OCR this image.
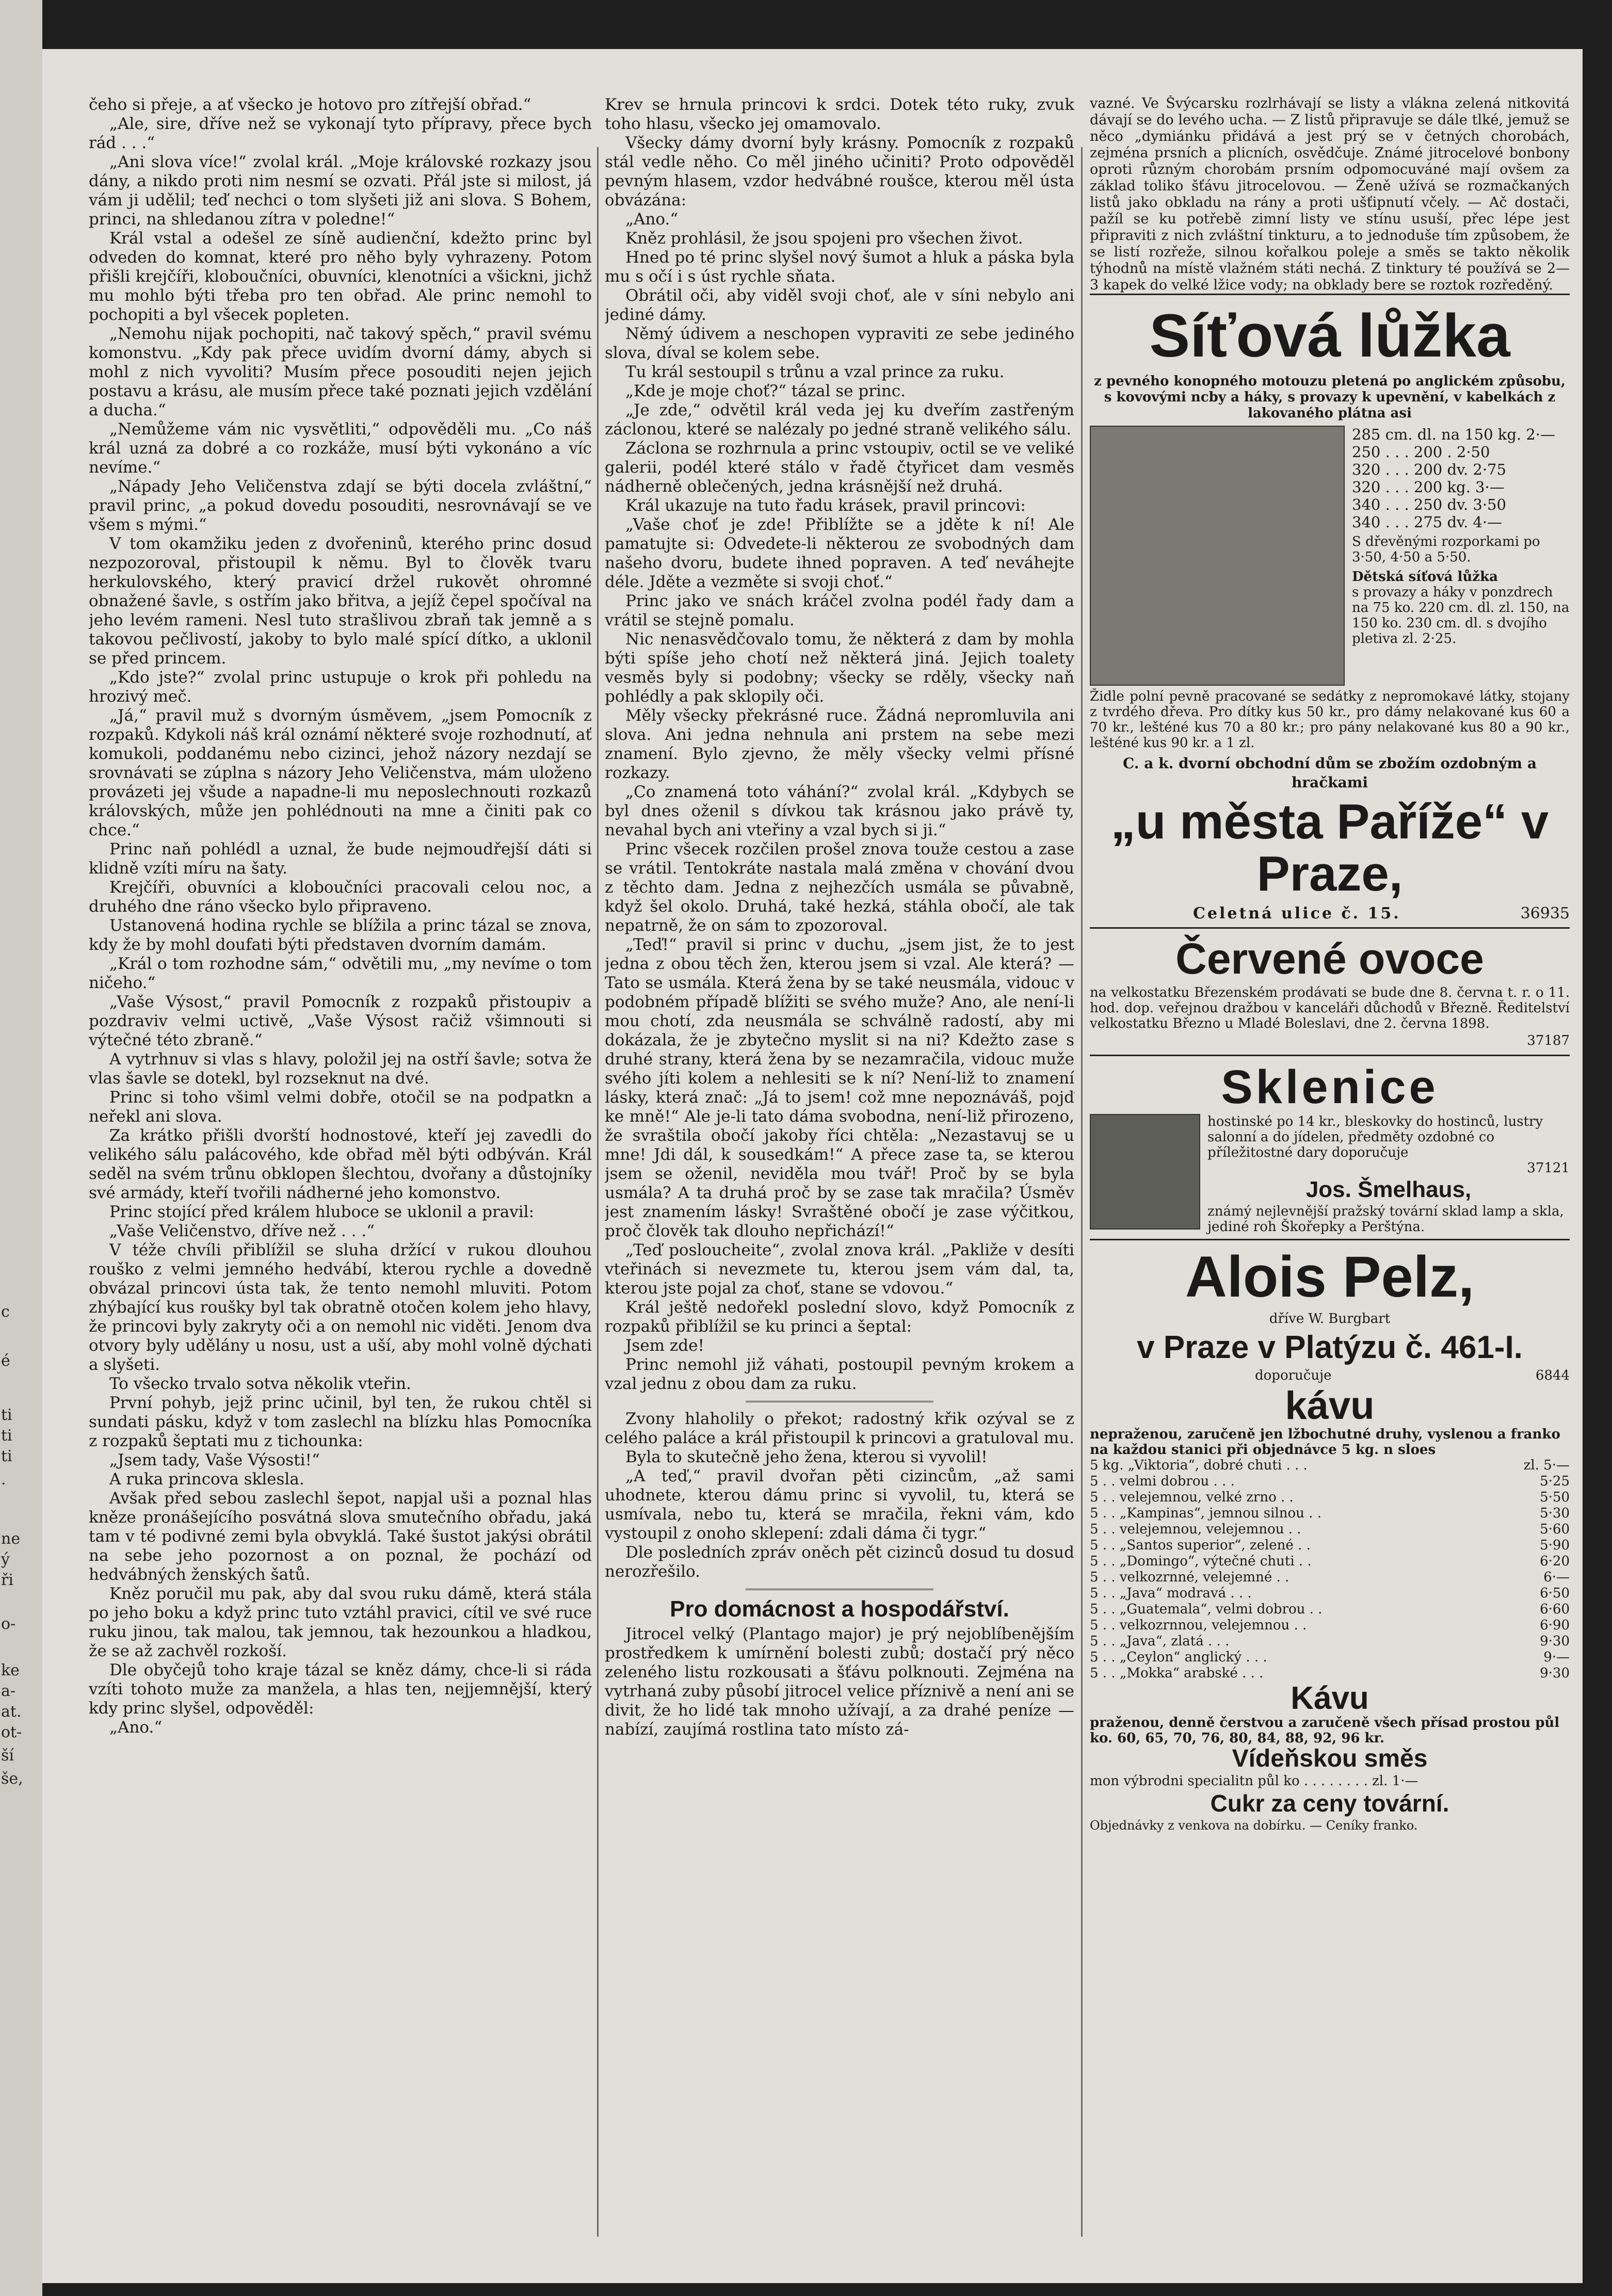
c
é
ti
ti
ti
.
ne
ý
ři
o-
ke
a-
at.
ot-
ší
še,

čeho si přeje, a ať všecko je hotovo pro zítřejší obřad.“

„Ale, sire, dříve než se vykonají tyto přípravy, přece bych rád . . .“

„Ani slova více!“ zvolal král. „Moje královské rozkazy jsou dány, a nikdo proti nim nesmí se ozvati. Přál jste si milost, já vám ji udělil; teď nechci o tom slyšeti již ani slova. S Bohem, princi, na shledanou zítra v poledne!“

Král vstal a odešel ze síně audienční, kdežto princ byl odveden do komnat, které pro něho byly vyhrazeny. Potom přišli krejčíři, kloboučníci, obuvníci, klenotníci a všickni, jichž mu mohlo býti třeba pro ten obřad. Ale princ nemohl to pochopiti a byl všecek popleten.

„Nemohu nijak pochopiti, nač takový spěch,“ pravil svému komonstvu. „Kdy pak přece uvidím dvorní dámy, abych si mohl z nich vyvoliti? Musím přece posouditi nejen jejich postavu a krásu, ale musím přece také poznati jejich vzdělání a ducha.“

„Nemůžeme vám nic vysvětliti,“ odpověděli mu. „Co náš král uzná za dobré a co rozkáže, musí býti vykonáno a víc nevíme.“

„Nápady Jeho Veličenstva zdají se býti docela zvláštní,“ pravil princ, „a pokud dovedu posouditi, nesrovnávají se ve všem s mými.“

V tom okamžiku jeden z dvořeninů, kterého princ dosud nezpozoroval, přistoupil k němu. Byl to člověk tvaru herkulovského, který pravicí držel rukovět ohromné obnažené šavle, s ostřím jako břitva, a jejíž čepel spočíval na jeho levém rameni. Nesl tuto strašlivou zbraň tak jemně a s takovou pečlivostí, jakoby to bylo malé spící dítko, a uklonil se před princem.

„Kdo jste?“ zvolal princ ustupuje o krok při pohledu na hrozivý meč.

„Já,“ pravil muž s dvorným úsměvem, „jsem Pomocník z rozpaků. Kdykoli náš král oznámí některé svoje rozhodnutí, ať komukoli, poddanému nebo cizinci, jehož názory nezdají se srovnávati se zúplna s názory Jeho Veličenstva, mám uloženo provázeti jej všude a napadne-li mu neposlechnouti rozkazů královských, může jen pohlédnouti na mne a činiti pak co chce.“

Princ naň pohlédl a uznal, že bude nejmoudřejší dáti si klidně vzíti míru na šaty.

Krejčíři, obuvníci a kloboučníci pracovali celou noc, a druhého dne ráno všecko bylo připraveno.

Ustanovená hodina rychle se blížila a princ tázal se znova, kdy že by mohl doufati býti představen dvorním damám.

„Král o tom rozhodne sám,“ odvětili mu, „my nevíme o tom ničeho.“

„Vaše Výsost,“ pravil Pomocník z rozpaků přistoupiv a pozdraviv velmi uctivě, „Vaše Výsost račiž všimnouti si výtečné této zbraně.“

A vytrhnuv si vlas s hlavy, položil jej na ostří šavle; sotva že vlas šavle se dotekl, byl rozseknut na dvé.

Princ si toho všiml velmi dobře, otočil se na podpatkn a neřekl ani slova.

Za krátko přišli dvorští hodnostové, kteří jej zavedli do velikého sálu palácového, kde obřad měl býti odbýván. Král seděl na svém trůnu obklopen šlechtou, dvořany a důstojníky své armády, kteří tvořili nádherné jeho komonstvo.

Princ stojící před králem hluboce se uklonil a pravil:

„Vaše Veličenstvo, dříve než . . .“

V téže chvíli přiblížil se sluha držící v rukou dlouhou rouško z velmi jemného hedvábí, kterou rychle a dovedně obvázal princovi ústa tak, že tento nemohl mluviti. Potom zhýbající kus roušky byl tak obratně otočen kolem jeho hlavy, že princovi byly zakryty oči a on nemohl nic viděti. Jenom dva otvory byly udělány u nosu, ust a uší, aby mohl volně dýchati a slyšeti.

To všecko trvalo sotva několik vteřin.

První pohyb, jejž princ učinil, byl ten, že rukou chtěl si sundati pásku, když v tom zaslechl na blízku hlas Pomocníka z rozpaků šeptati mu z tichounka:

„Jsem tady, Vaše Výsosti!“

A ruka princova sklesla.

Avšak před sebou zaslechl šepot, napjal uši a poznal hlas kněze pronášejícího posvátná slova smutečního obřadu, jaká tam v té podivné zemi byla obvyklá. Také šustot jakýsi obrátil na sebe jeho pozornost a on poznal, že pochází od hedvábných ženských šatů.

Kněz poručil mu pak, aby dal svou ruku dámě, která stála po jeho boku a když princ tuto vztáhl pravici, cítil ve své ruce ruku jinou, tak malou, tak jemnou, tak hezounkou a hladkou, že se až zachvěl rozkoší.

Dle obyčejů toho kraje tázal se kněz dámy, chce-li si ráda vzíti tohoto muže za manžela, a hlas ten, nejjemnější, který kdy princ slyšel, odpověděl:

„Ano.“

Krev se hrnula princovi k srdci. Dotek této ruky, zvuk toho hlasu, všecko jej omamovalo.

Všecky dámy dvorní byly krásny. Pomocník z rozpaků stál vedle něho. Co měl jiného učiniti? Proto odpověděl pevným hlasem, vzdor hedvábné roušce, kterou měl ústa obvázána:

„Ano.“

Kněz prohlásil, že jsou spojeni pro všechen život.

Hned po té princ slyšel nový šumot a hluk a páska byla mu s očí i s úst rychle sňata.

Obrátil oči, aby viděl svoji choť, ale v síni nebylo ani jediné dámy.

Němý údivem a neschopen vypraviti ze sebe jediného slova, díval se kolem sebe.

Tu král sestoupil s trůnu a vzal prince za ruku.

„Kde je moje choť?“ tázal se princ.

„Je zde,“ odvětil král veda jej ku dveřím zastřeným záclonou, které se nalézaly po jedné straně velikého sálu.

Záclona se rozhrnula a princ vstoupiv, octil se ve veliké galerii, podél které stálo v řadě čtyřicet dam vesměs nádherně oblečených, jedna krásnější než druhá.

Král ukazuje na tuto řadu krásek, pravil princovi:

„Vaše choť je zde! Přiblížte se a jděte k ní! Ale pamatujte si: Odvedete-li některou ze svobodných dam našeho dvoru, budete ihned popraven. A teď neváhejte déle. Jděte a vezměte si svoji choť.“

Princ jako ve snách kráčel zvolna podél řady dam a vrátil se stejně pomalu.

Nic nenasvědčovalo tomu, že některá z dam by mohla býti spíše jeho chotí než některá jiná. Jejich toalety vesměs byly si podobny; všecky se rděly, všecky naň pohlédly a pak sklopily oči.

Měly všecky překrásné ruce. Žádná nepromluvila ani slova. Ani jedna nehnula ani prstem na sebe mezi znamení. Bylo zjevno, že měly všecky velmi přísné rozkazy.

„Co znamená toto váhání?“ zvolal král. „Kdybych se byl dnes oženil s dívkou tak krásnou jako právě ty, nevahal bych ani vteřiny a vzal bych si ji.“

Princ všecek rozčilen prošel znova touže cestou a zase se vrátil. Tentokráte nastala malá změna v chování dvou z těchto dam. Jedna z nejhezčích usmála se půvabně, když šel okolo. Druhá, také hezká, stáhla obočí, ale tak nepatrně, že on sám to zpozoroval.

„Teď!“ pravil si princ v duchu, „jsem jist, že to jest jedna z obou těch žen, kterou jsem si vzal. Ale která? — Tato se usmála. Která žena by se také neusmála, vidouc v podobném případě blížiti se svého muže? Ano, ale není-li mou chotí, zda neusmála se schválně radostí, aby mi dokázala, že je zbytečno myslit si na ni? Kdežto zase s druhé strany, která žena by se nezamračila, vidouc muže svého jíti kolem a nehlesiti se k ní? Není-liž to znamení lásky, která znač: „Já to jsem! což mne nepoznáváš, pojď ke mně!“ Ale je-li tato dáma svobodna, není-liž přirozeno, že svraštila obočí jakoby říci chtěla: „Nezastavuj se u mne! Jdi dál, k sousedkám!“ A přece zase ta, se kterou jsem se oženil, neviděla mou tvář! Proč by se byla usmála? A ta druhá proč by se zase tak mračila? Úsměv jest znamením lásky! Svraštěné obočí je zase výčitkou, proč člověk tak dlouho nepřichází!“

„Teď posloucheite“, zvolal znova král. „Pakliže v desíti vteřinách si nevezmete tu, kterou jsem vám dal, ta, kterou jste pojal za choť, stane se vdovou.“

Král ještě nedořekl poslední slovo, když Pomocník z rozpaků přiblížil se ku princi a šeptal:

Jsem zde!

Princ nemohl již váhati, postoupil pevným krokem a vzal jednu z obou dam za ruku.

Zvony hlaholily o překot; radostný křik ozýval se z celého paláce a král přistoupil k princovi a gratuloval mu.

Byla to skutečně jeho žena, kterou si vyvolil!

„A teď,“ pravil dvořan pěti cizincům, „až sami uhodnete, kterou dámu princ si vyvolil, tu, která se usmívala, nebo tu, která se mračila, řekni vám, kdo vystoupil z onoho sklepení: zdali dáma či tygr.“

Dle posledních zpráv oněch pět cizinců dosud tu dosud nerozřešilo.

Pro domácnost a hospodářství.

Jitrocel velký (Plantago major) je prý nejoblíbenějším prostředkem k umírnění bolesti zubů; dostačí prý něco zeleného listu rozkousati a šťávu polknouti. Zejména na vytrhaná zuby působí jitrocel velice příznivě a není ani se divit, že ho lidé tak mnoho užívají, a za drahé peníze — nabízí, zaujímá rostlina tato místo zá-

vazné. Ve Švýcarsku rozlrhávají se listy a vlákna zelená nitkovitá dávají se do levého ucha. — Z listů připravuje se dále tlké, jemuž se něco „dymiánku přidává a jest prý se v četných chorobách, zejména prsních a plicních, osvědčuje. Známé jitrocelové bonbony oproti různým chorobám prsním odpomocuváné mají ovšem za základ toliko šťávu jitrocelovou. — Ženě užívá se rozmačkaných listů jako obkladu na rány a proti ušťipnutí včely. — Ač dostači, pažíl se ku potřebě zimní listy ve stínu usuší, přec lépe jest připraviti z nich zvláštní tinkturu, a to jednoduše tím způsobem, že se listí rozřeže, silnou kořalkou poleje a směs se takto několik týhodnů na místě vlažném státi nechá. Z tinktury té používá se 2—3 kapek do velké lžice vody; na obklady bere se roztok rozředěný.

Síťová lůžka
z pevného konopného motouzu pletená po anglickém způsobu, s kovovými ncby a háky, s provazy k upevnění, v kabelkách z lakovaného plátna asi
285 cm. dl. na 150 kg. 2·—
250 . . . 200 . 2·50
320 . . . 200 dv. 2·75
320 . . . 200 kg. 3·—
340 . . . 250 dv. 3·50
340 . . . 275 dv. 4·—
S dřevěnými rozporkami po 3·50, 4·50 a 5·50.
Dětská síťová lůžka
s provazy a háky v ponzdrech na 75 ko. 220 cm. dl. zl. 150, na 150 ko. 230 cm. dl. s dvojího pletiva zl. 2·25.
Židle polní pevně pracované se sedátky z nepromokavé látky, stojany z tvrdého dřeva. Pro dítky kus 50 kr., pro dámy nelakované kus 60 a 70 kr., lešténé kus 70 a 80 kr.; pro pány nelakované kus 80 a 90 kr., lešténé kus 90 kr. a 1 zl.
C. a k. dvorní obchodní dům se zbožím ozdobným a hračkami
„u města Paříže“ v Praze,
Celetná ulice č. 15.	36935
Červené ovoce
na velkostatku Březenském prodávati se bude dne 8. června t. r. o 11. hod. dop. veřejnou dražbou v kanceláři důchodů v Březně. Ředitelství velkostatku Březno u Mladé Boleslavi, dne 2. června 1898.
37187
Sklenice
hostinské po 14 kr., bleskovky do hostinců, lustry salonní a do jídelen, předměty ozdobné co příležitostné dary doporučuje
37121
Jos. Šmelhaus,
známý nejlevnější pražský tovární sklad lamp a skla, jediné roh Škořepky a Perštýna.
Alois Pelz,
dříve W. Burgbart
v Praze v Platýzu č. 461-I.
doporučuje	6844
kávu
nepraženou, zaručeně jen lžbochutné druhy, vyslenou a franko na každou stanici při objednávce 5 kg. n sloes
5 kg. „Viktoria“, dobré chuti . . .	zl. 5·—
5 . . velmi dobrou . . .	5·25
5 . . velejemnou, velké zrno . .	5·50
5 . . „Kampinas“, jemnou silnou . .	5·30
5 . . velejemnou, velejemnou . .	5·60
5 . . „Santos superior“, zelené . .	5·90
5 . . „Domingo“, výtečné chuti . .	6·20
5 . . velkozrnné, velejemné . .	6·—
5 . . „Java“ modravá . . .	6·50
5 . . „Guatemala“, velmi dobrou . .	6·60
5 . . velkozrnnou, velejemnou . .	6·90
5 . . „Java“, zlatá . . .	9·30
5 . . „Ceylon“ anglický . . .	9·—
5 . . „Mokka“ arabské . . .	9·30
Kávu
praženou, denně čerstvou a zaručeně všech přísad prostou půl ko. 60, 65, 70, 76, 80, 84, 88, 92, 96 kr.
Vídeňskou směs
mon výbrodni specialitn půl ko . . . . . . . . zl. 1·—
Cukr za ceny tovární.
Objednávky z venkova na dobírku. — Ceníky franko.
